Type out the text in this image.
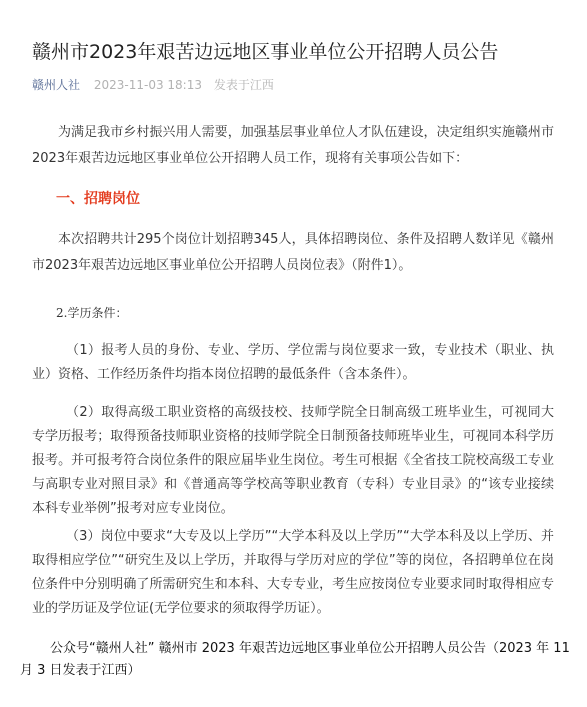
赣州市2023年艰苦边远地区事业单位公开招聘人员公告
赣州人社 2023-11-03 18:13 发表于江西

为满足我市乡村振兴用人需要，加强基层事业单位人才队伍建设，决定组织实施赣州市2023年艰苦边远地区事业单位公开招聘人员工作，现将有关事项公告如下：

一、招聘岗位

本次招聘共计295个岗位计划招聘345人，具体招聘岗位、条件及招聘人数详见《赣州市2023年艰苦边远地区事业单位公开招聘人员岗位表》（附件1）。

2.学历条件：

（1）报考人员的身份、专业、学历、学位需与岗位要求一致，专业技术（职业、执业）资格、工作经历条件均指本岗位招聘的最低条件（含本条件）。

（2）取得高级工职业资格的高级技校、技师学院全日制高级工班毕业生，可视同大专学历报考；取得预备技师职业资格的技师学院全日制预备技师班毕业生，可视同本科学历报考。并可报考符合岗位条件的限应届毕业生岗位。考生可根据《全省技工院校高级工专业与高职专业对照目录》和《普通高等学校高等职业教育（专科）专业目录》的“该专业接续本科专业举例”报考对应专业岗位。

（3）岗位中要求“大专及以上学历”“大学本科及以上学历”“大学本科及以上学历、并取得相应学位”“研究生及以上学历，并取得与学历对应的学位”等的岗位，各招聘单位在岗位条件中分别明确了所需研究生和本科、大专专业，考生应按岗位专业要求同时取得相应专业的学历证及学位证(无学位要求的须取得学历证）。

公众号“赣州人社” 赣州市 2023 年艰苦边远地区事业单位公开招聘人员公告（2023 年 11 月 3 日发表于江西）
